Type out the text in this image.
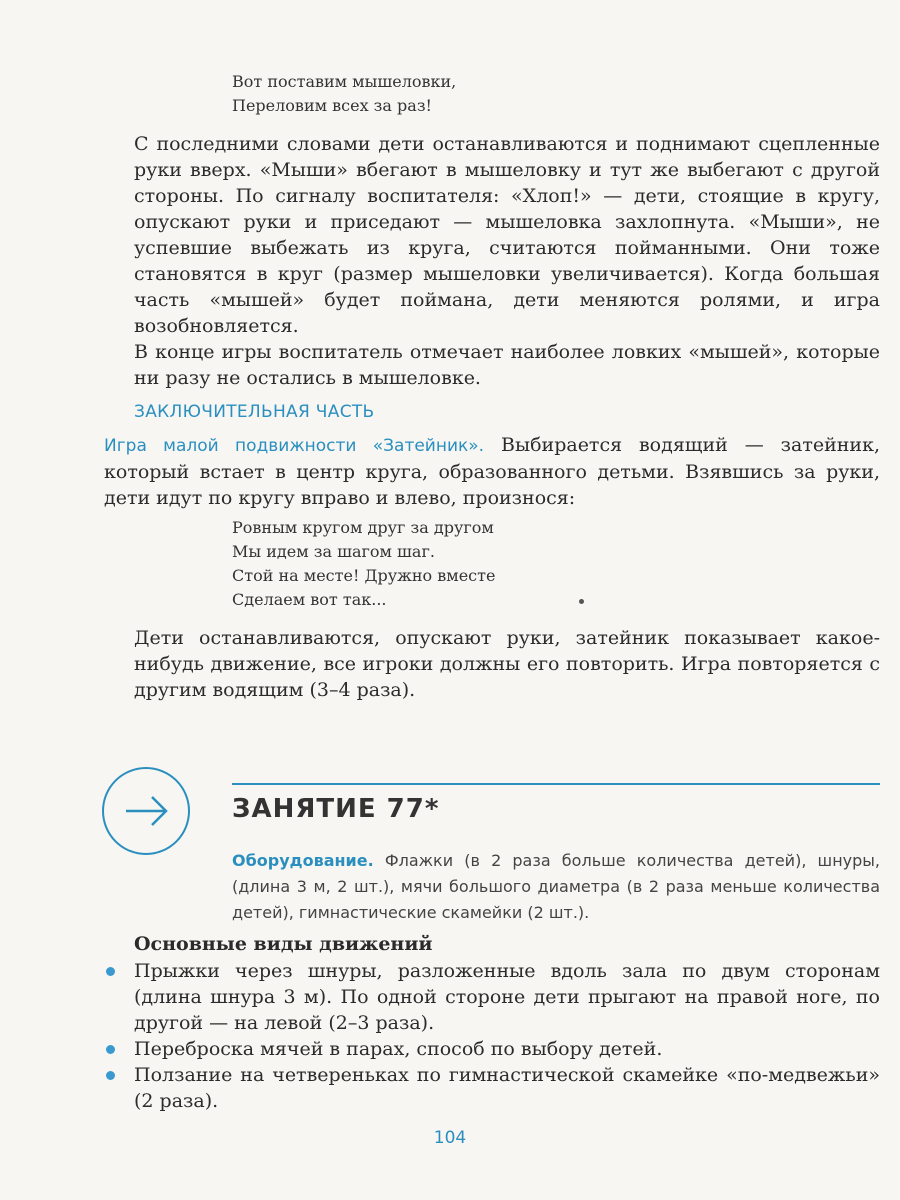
Вот поставим мышеловки,
Переловим всех за раз!
С последними словами дети останавливаются и поднимают сцепленные руки вверх. «Мыши» вбегают в мышеловку и тут же выбегают с другой стороны. По сигналу воспитателя: «Хлоп!» — дети, стоящие в кругу, опускают руки и приседают — мышеловка захлопнута. «Мыши», не успевшие выбежать из круга, считаются пойманными. Они тоже становятся в круг (размер мышеловки увеличивается). Когда большая часть «мышей» будет поймана, дети меняются ролями, и игра возобновляется.
В конце игры воспитатель отмечает наиболее ловких «мышей», которые ни разу не остались в мышеловке.
ЗАКЛЮЧИТЕЛЬНАЯ ЧАСТЬ
Игра малой подвижности «Затейник». Выбирается водящий — затейник, который встает в центр круга, образованного детьми. Взявшись за руки, дети идут по кругу вправо и влево, произнося:
Ровным кругом друг за другом
Мы идем за шагом шаг.
Стой на месте! Дружно вместе
Сделаем вот так...
Дети останавливаются, опускают руки, затейник показывает какое-нибудь движение, все игроки должны его повторить. Игра повторяется с другим водящим (3–4 раза).
ЗАНЯТИЕ 77*
Оборудование. Флажки (в 2 раза больше количества детей), шнуры, (длина 3 м, 2 шт.), мячи большого диаметра (в 2 раза меньше количества детей), гимнастические скамейки (2 шт.).
Основные виды движений
Прыжки через шнуры, разложенные вдоль зала по двум сторонам (длина шнура 3 м). По одной стороне дети прыгают на правой ноге, по другой — на левой (2–3 раза).
Переброска мячей в парах, способ по выбору детей.
Ползание на четвереньках по гимнастической скамейке «по-медвежьи» (2 раза).
104
